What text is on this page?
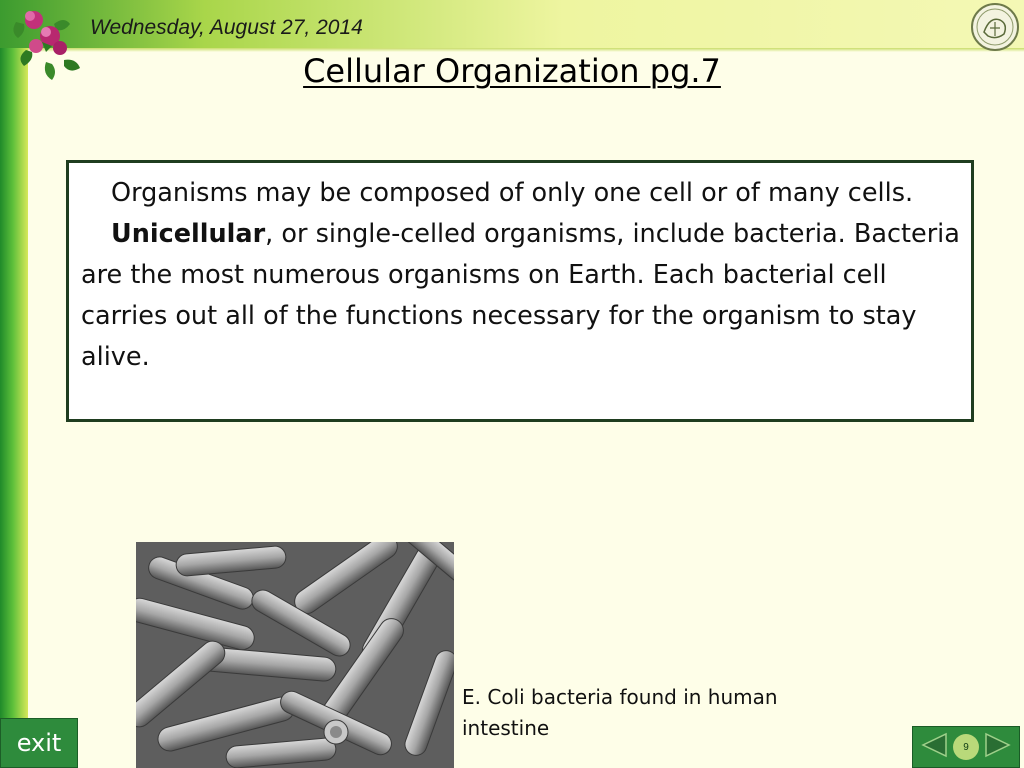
Wednesday, August 27, 2014
Cellular Organization pg.7

Organisms may be composed of only one cell or of many cells.

Unicellular, or single-celled organisms, include bacteria. Bacteria are the most numerous organisms on Earth. Each bacterial cell carries out all of the functions necessary for the organism to stay alive.

E. Coli bacteria found in human intestine
exit	9
